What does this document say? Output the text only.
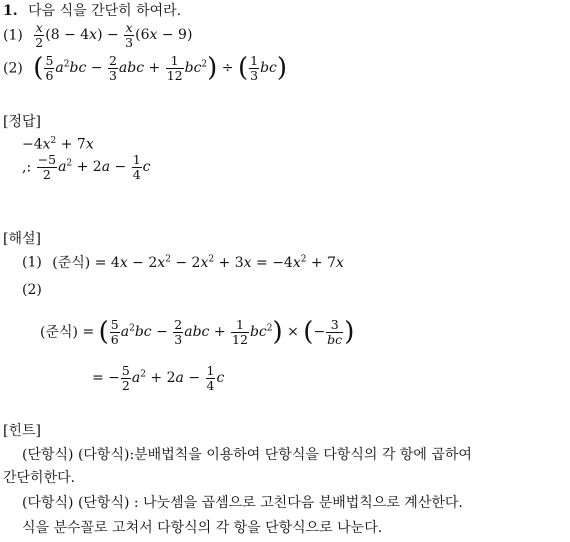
1. 다음 식을 간단히 하여라.
$(1) \frac{x}{2} (8 - 4x) - \frac{x}{3} (6x - 9)$
(2) ( $\frac{5}{6} a^2bc - \frac{2}{3}$ abc + $\frac{1}{12} bc^2$) ÷ ( $\frac{1}{3} bc$)
[정답]
$-4x^2 + 7x$
,: $\frac{-5}{2} a^2 + 2a - \frac{1}{4}$ c
[해설]
(1) (준식) = $4x - 2x^2 - 2x^2 + 3x = -4x^2 + 7x$
(2)
(준식) = ( $\frac{5}{6} a^2bc - \frac{2}{3}$ abc + $\frac{1}{12} bc^2$) × (− $\frac{3}{bc}$ )
= − $\frac{5}{2} a^2 + 2a - \frac{1}{4}$ c
[힌트]
(단항식) (다항식):분배법칙을 이용하여 단항식을 다항식의 각 항에 곱하여
간단히한다.
(다항식) (단항식) : 나눗셈을 곱셈으로 고친다음 분배법칙으로 계산한다.
식을 분수꼴로 고쳐서 다항식의 각 항을 단항식으로 나눈다.
